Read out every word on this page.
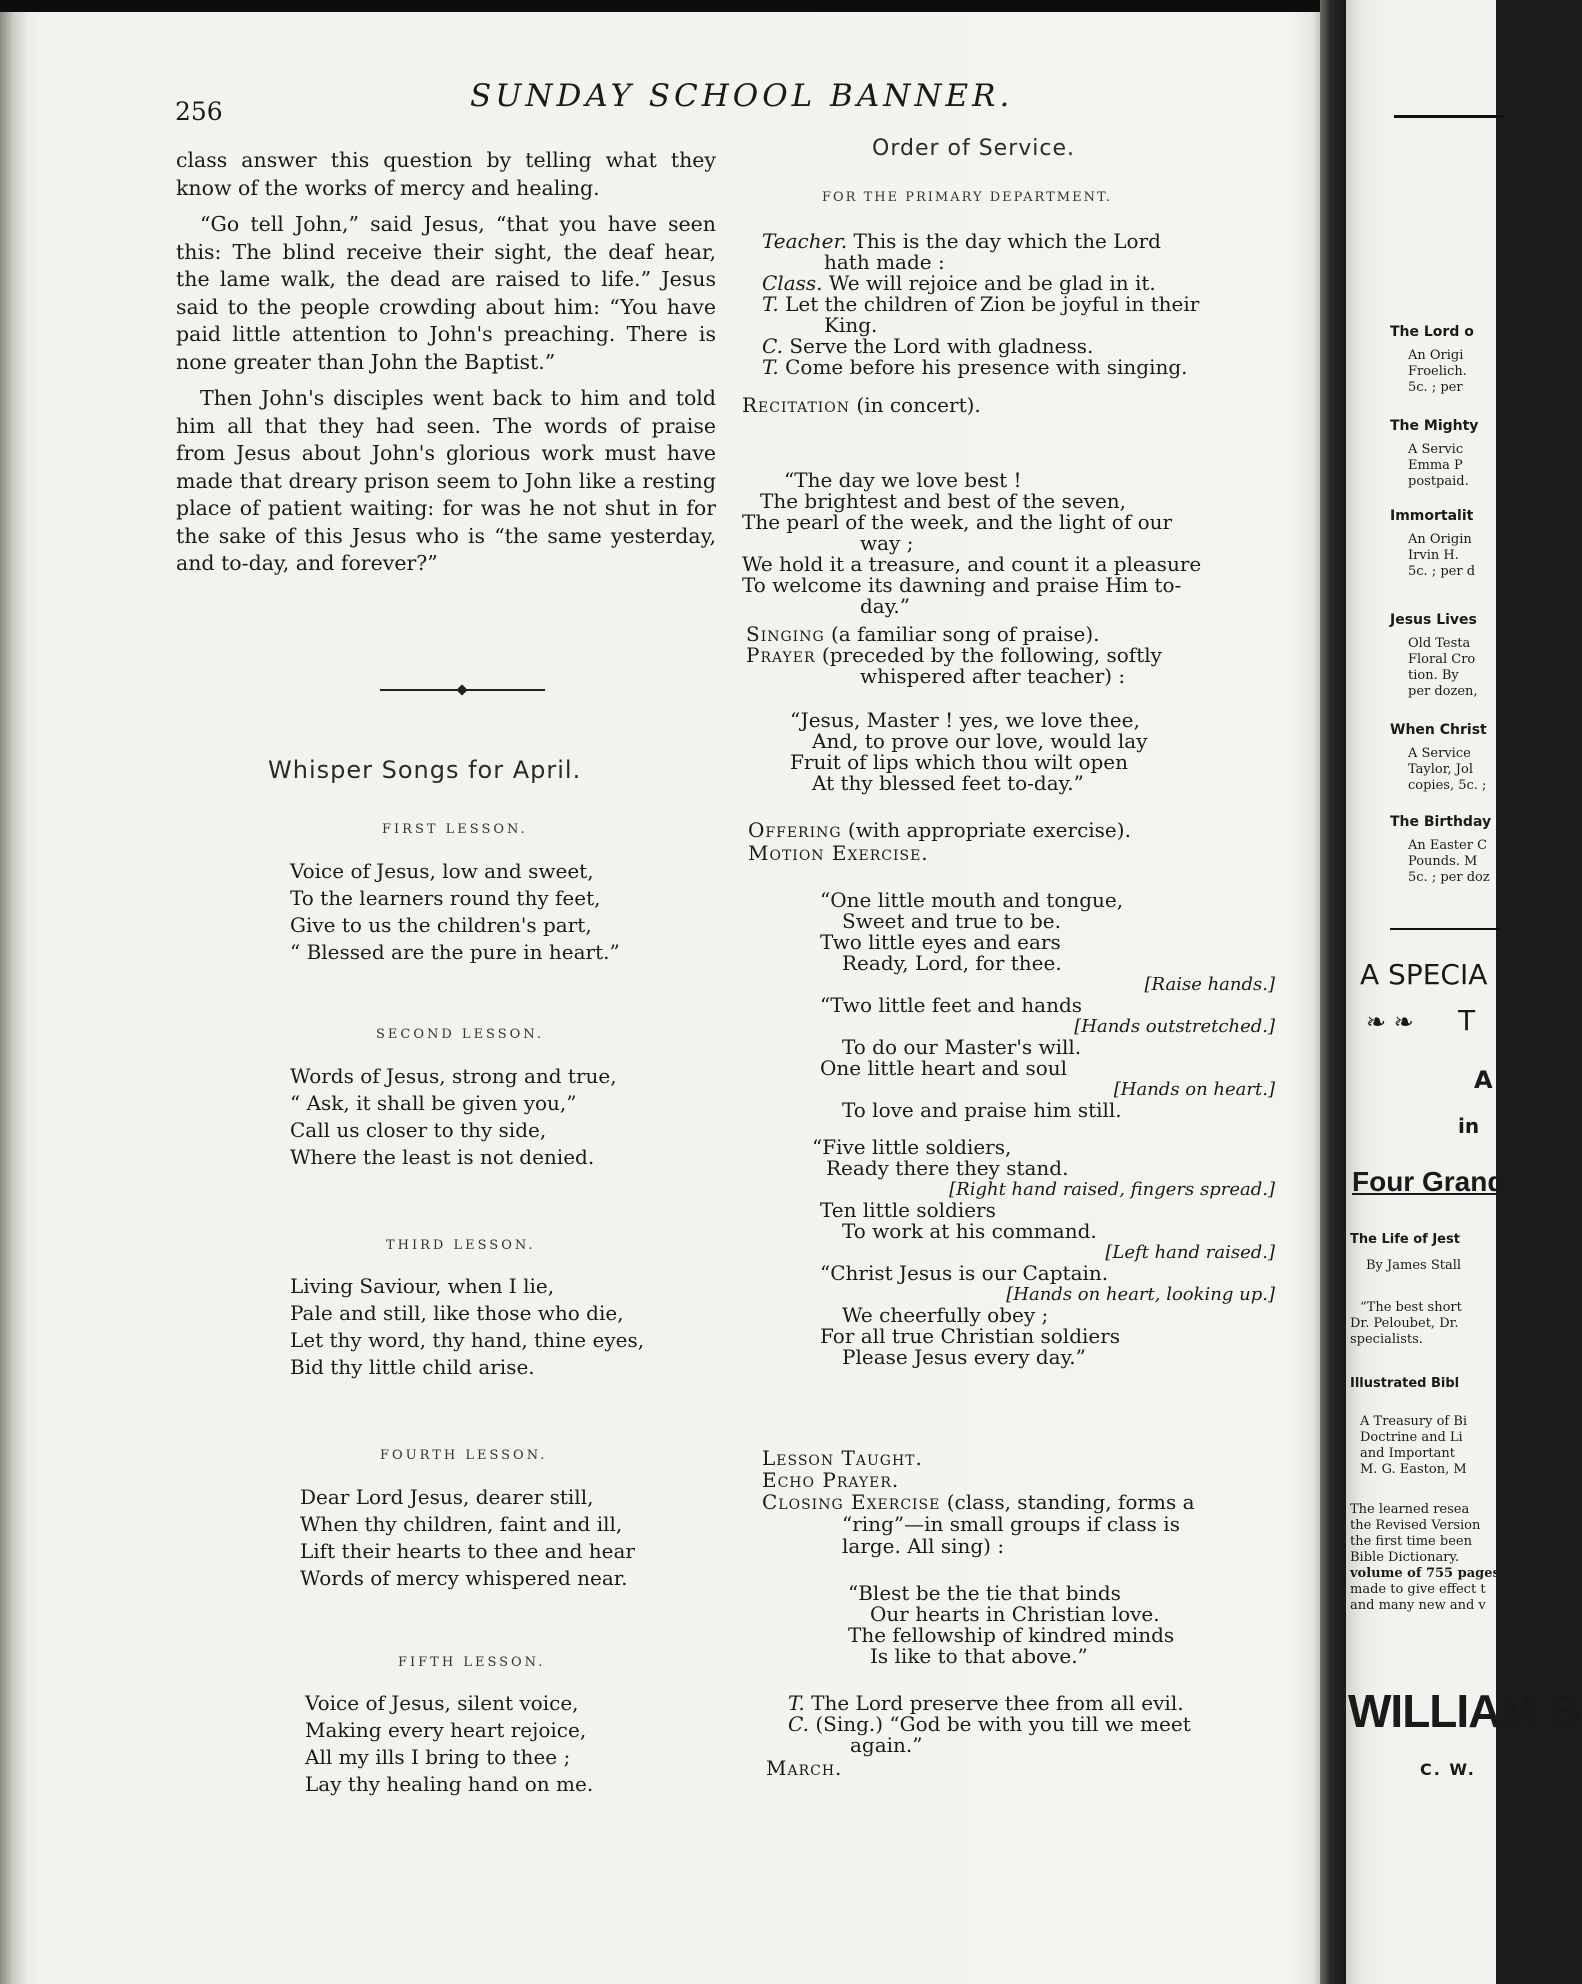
256	SUNDAY SCHOOL BANNER.

class answer this question by telling what they know of the works of mercy and healing.

“Go tell John,” said Jesus, “that you have seen this: The blind receive their sight, the deaf hear, the lame walk, the dead are raised to life.” Jesus said to the people crowding about him: “You have paid little attention to John's preaching. There is none greater than John the Baptist.”

Then John's disciples went back to him and told him all that they had seen. The words of praise from Jesus about John's glorious work must have made that dreary prison seem to John like a resting place of patient waiting: for was he not shut in for the sake of this Jesus who is “the same yesterday, and to-day, and forever?”

Whisper Songs for April.
FIRST LESSON.
Voice of Jesus, low and sweet,
To the learners round thy feet,
Give to us the children's part,
“ Blessed are the pure in heart.”
SECOND LESSON.
Words of Jesus, strong and true,
“ Ask, it shall be given you,”
Call us closer to thy side,
Where the least is not denied.
THIRD LESSON.
Living Saviour, when I lie,
Pale and still, like those who die,
Let thy word, thy hand, thine eyes,
Bid thy little child arise.
FOURTH LESSON.
Dear Lord Jesus, dearer still,
When thy children, faint and ill,
Lift their hearts to thee and hear
Words of mercy whispered near.
FIFTH LESSON.
Voice of Jesus, silent voice,
Making every heart rejoice,
All my ills I bring to thee ;
Lay thy healing hand on me.
Order of Service.
FOR THE PRIMARY DEPARTMENT.
Teacher. This is the day which the Lord
hath made :
Class. We will rejoice and be glad in it.
T. Let the children of Zion be joyful in their
King.
C. Serve the Lord with gladness.
T. Come before his presence with singing.
Recitation (in concert).
“The day we love best !
The brightest and best of the seven,
The pearl of the week, and the light of our
way ;
We hold it a treasure, and count it a pleasure
To welcome its dawning and praise Him to-
day.”
Singing (a familiar song of praise).
Prayer (preceded by the following, softly
whispered after teacher) :
“Jesus, Master ! yes, we love thee,
And, to prove our love, would lay
Fruit of lips which thou wilt open
At thy blessed feet to-day.”
Offering (with appropriate exercise).
Motion Exercise.
“One little mouth and tongue,
Sweet and true to be.
Two little eyes and ears
Ready, Lord, for thee.
[Raise hands.]
“Two little feet and hands
[Hands outstretched.]
To do our Master's will.
One little heart and soul
[Hands on heart.]
To love and praise him still.
“Five little soldiers,
Ready there they stand.
[Right hand raised, fingers spread.]
Ten little soldiers
To work at his command.
[Left hand raised.]
“Christ Jesus is our Captain.
[Hands on heart, looking up.]
We cheerfully obey ;
For all true Christian soldiers
Please Jesus every day.”
Lesson Taught.
Echo Prayer.
Closing Exercise (class, standing, forms a
“ring”—in small groups if class is
large. All sing) :
“Blest be the tie that binds
Our hearts in Christian love.
The fellowship of kindred minds
Is like to that above.”
T. The Lord preserve thee from all evil.
C. (Sing.) “God be with you till we meet
again.”
March.
The Lord o
An Origi
Froelich.
5c. ; per
The Mighty
A Servic
Emma P
postpaid.
Immortalit
An Origin
Irvin H.
5c. ; per d
Jesus Lives
Old Testa
Floral Cro
tion. By
per dozen,
When Christ
A Service
Taylor, Jol
copies, 5c. ;
The Birthday
An Easter C
Pounds. M
5c. ; per doz
A SPECIA
❧ ❧ T
A
in
Four Grand
The Life of Jest
By James Stall
“The best short
Dr. Peloubet, Dr.
specialists.
Illustrated Bibl
A Treasury of Bi
Doctrine and Li
and Important
M. G. Easton, M
The learned resea
the Revised Version
the first time been
Bible Dictionary.
volume of 755 pages
made to give effect t
and many new and v
WILLIAM B
C. W.
